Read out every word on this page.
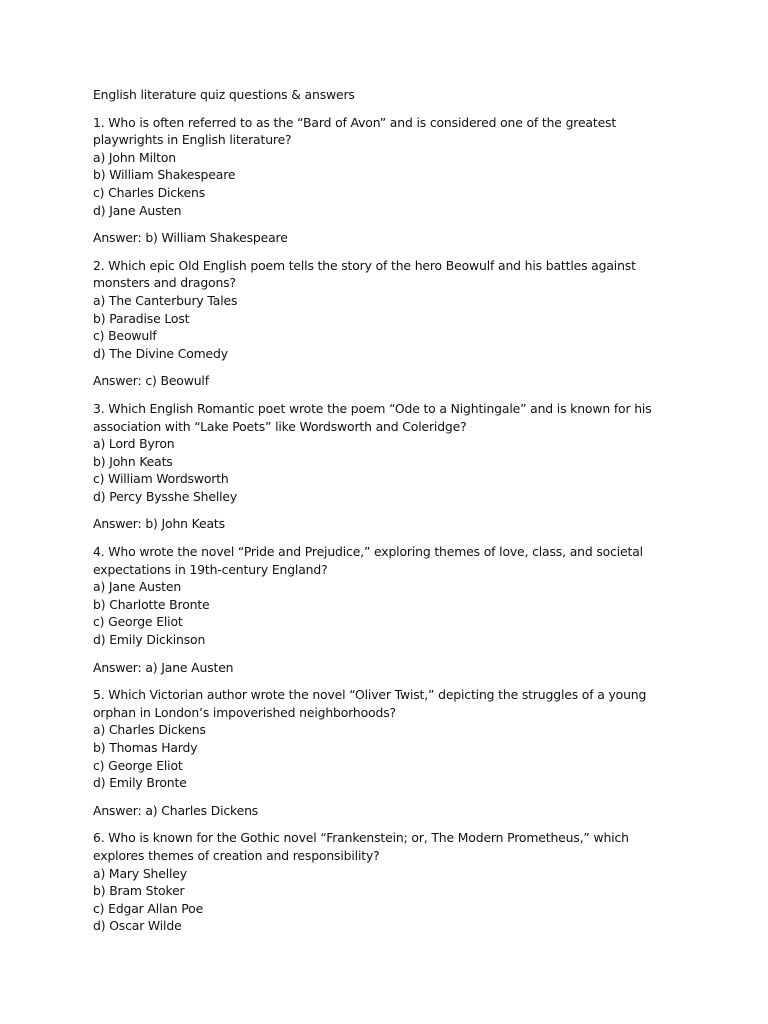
English literature quiz questions & answers

1. Who is often referred to as the “Bard of Avon” and is considered one of the greatest playwrights in English literature?

a) John Milton
b) William Shakespeare
c) Charles Dickens
d) Jane Austen

Answer: b) William Shakespeare

2. Which epic Old English poem tells the story of the hero Beowulf and his battles against monsters and dragons?

a) The Canterbury Tales
b) Paradise Lost
c) Beowulf
d) The Divine Comedy

Answer: c) Beowulf

3. Which English Romantic poet wrote the poem “Ode to a Nightingale” and is known for his association with “Lake Poets” like Wordsworth and Coleridge?

a) Lord Byron
b) John Keats
c) William Wordsworth
d) Percy Bysshe Shelley

Answer: b) John Keats

4. Who wrote the novel “Pride and Prejudice,” exploring themes of love, class, and societal expectations in 19th-century England?

a) Jane Austen
b) Charlotte Bronte
c) George Eliot
d) Emily Dickinson

Answer: a) Jane Austen

5. Which Victorian author wrote the novel “Oliver Twist,” depicting the struggles of a young orphan in London’s impoverished neighborhoods?

a) Charles Dickens
b) Thomas Hardy
c) George Eliot
d) Emily Bronte

Answer: a) Charles Dickens

6. Who is known for the Gothic novel “Frankenstein; or, The Modern Prometheus,” which explores themes of creation and responsibility?

a) Mary Shelley
b) Bram Stoker
c) Edgar Allan Poe
d) Oscar Wilde
